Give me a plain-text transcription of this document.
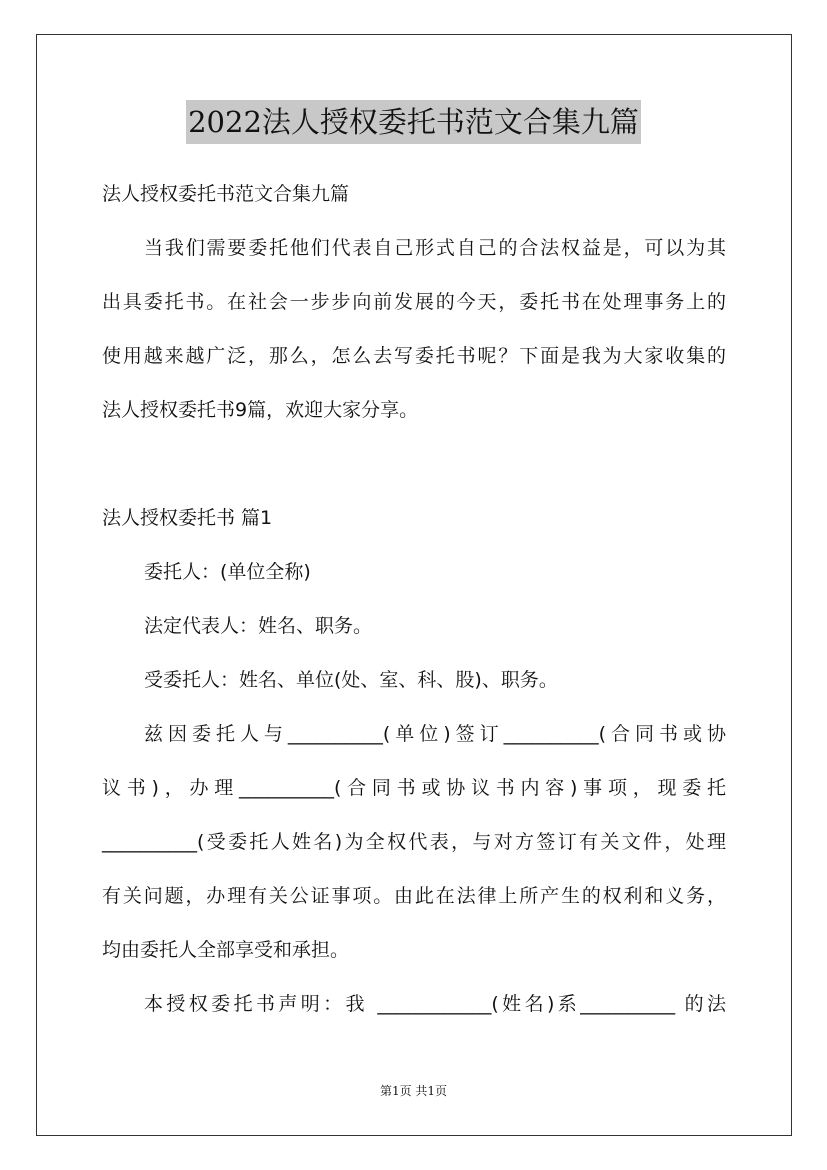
2022法人授权委托书范文合集九篇
法人授权委托书范文合集九篇
当我们需要委托他们代表自己形式自己的合法权益是，可以为其
出具委托书。在社会一步步向前发展的今天，委托书在处理事务上的
使用越来越广泛，那么，怎么去写委托书呢？下面是我为大家收集的
法人授权委托书9篇，欢迎大家分享。
法人授权委托书 篇1
委托人：(单位全称)
法定代表人：姓名、职务。
受委托人：姓名、单位(处、室、科、股)、职务。
兹因委托人与__________(单位)签订__________(合同书或协
议书)，办理__________(合同书或协议书内容)事项，现委托
__________(受委托人姓名)为全权代表，与对方签订有关文件，处理
有关问题，办理有关公证事项。由此在法律上所产生的权利和义务，
均由委托人全部享受和承担。
本授权委托书声明：我 ____________(姓名)系__________ 的法
第1页 共1页
